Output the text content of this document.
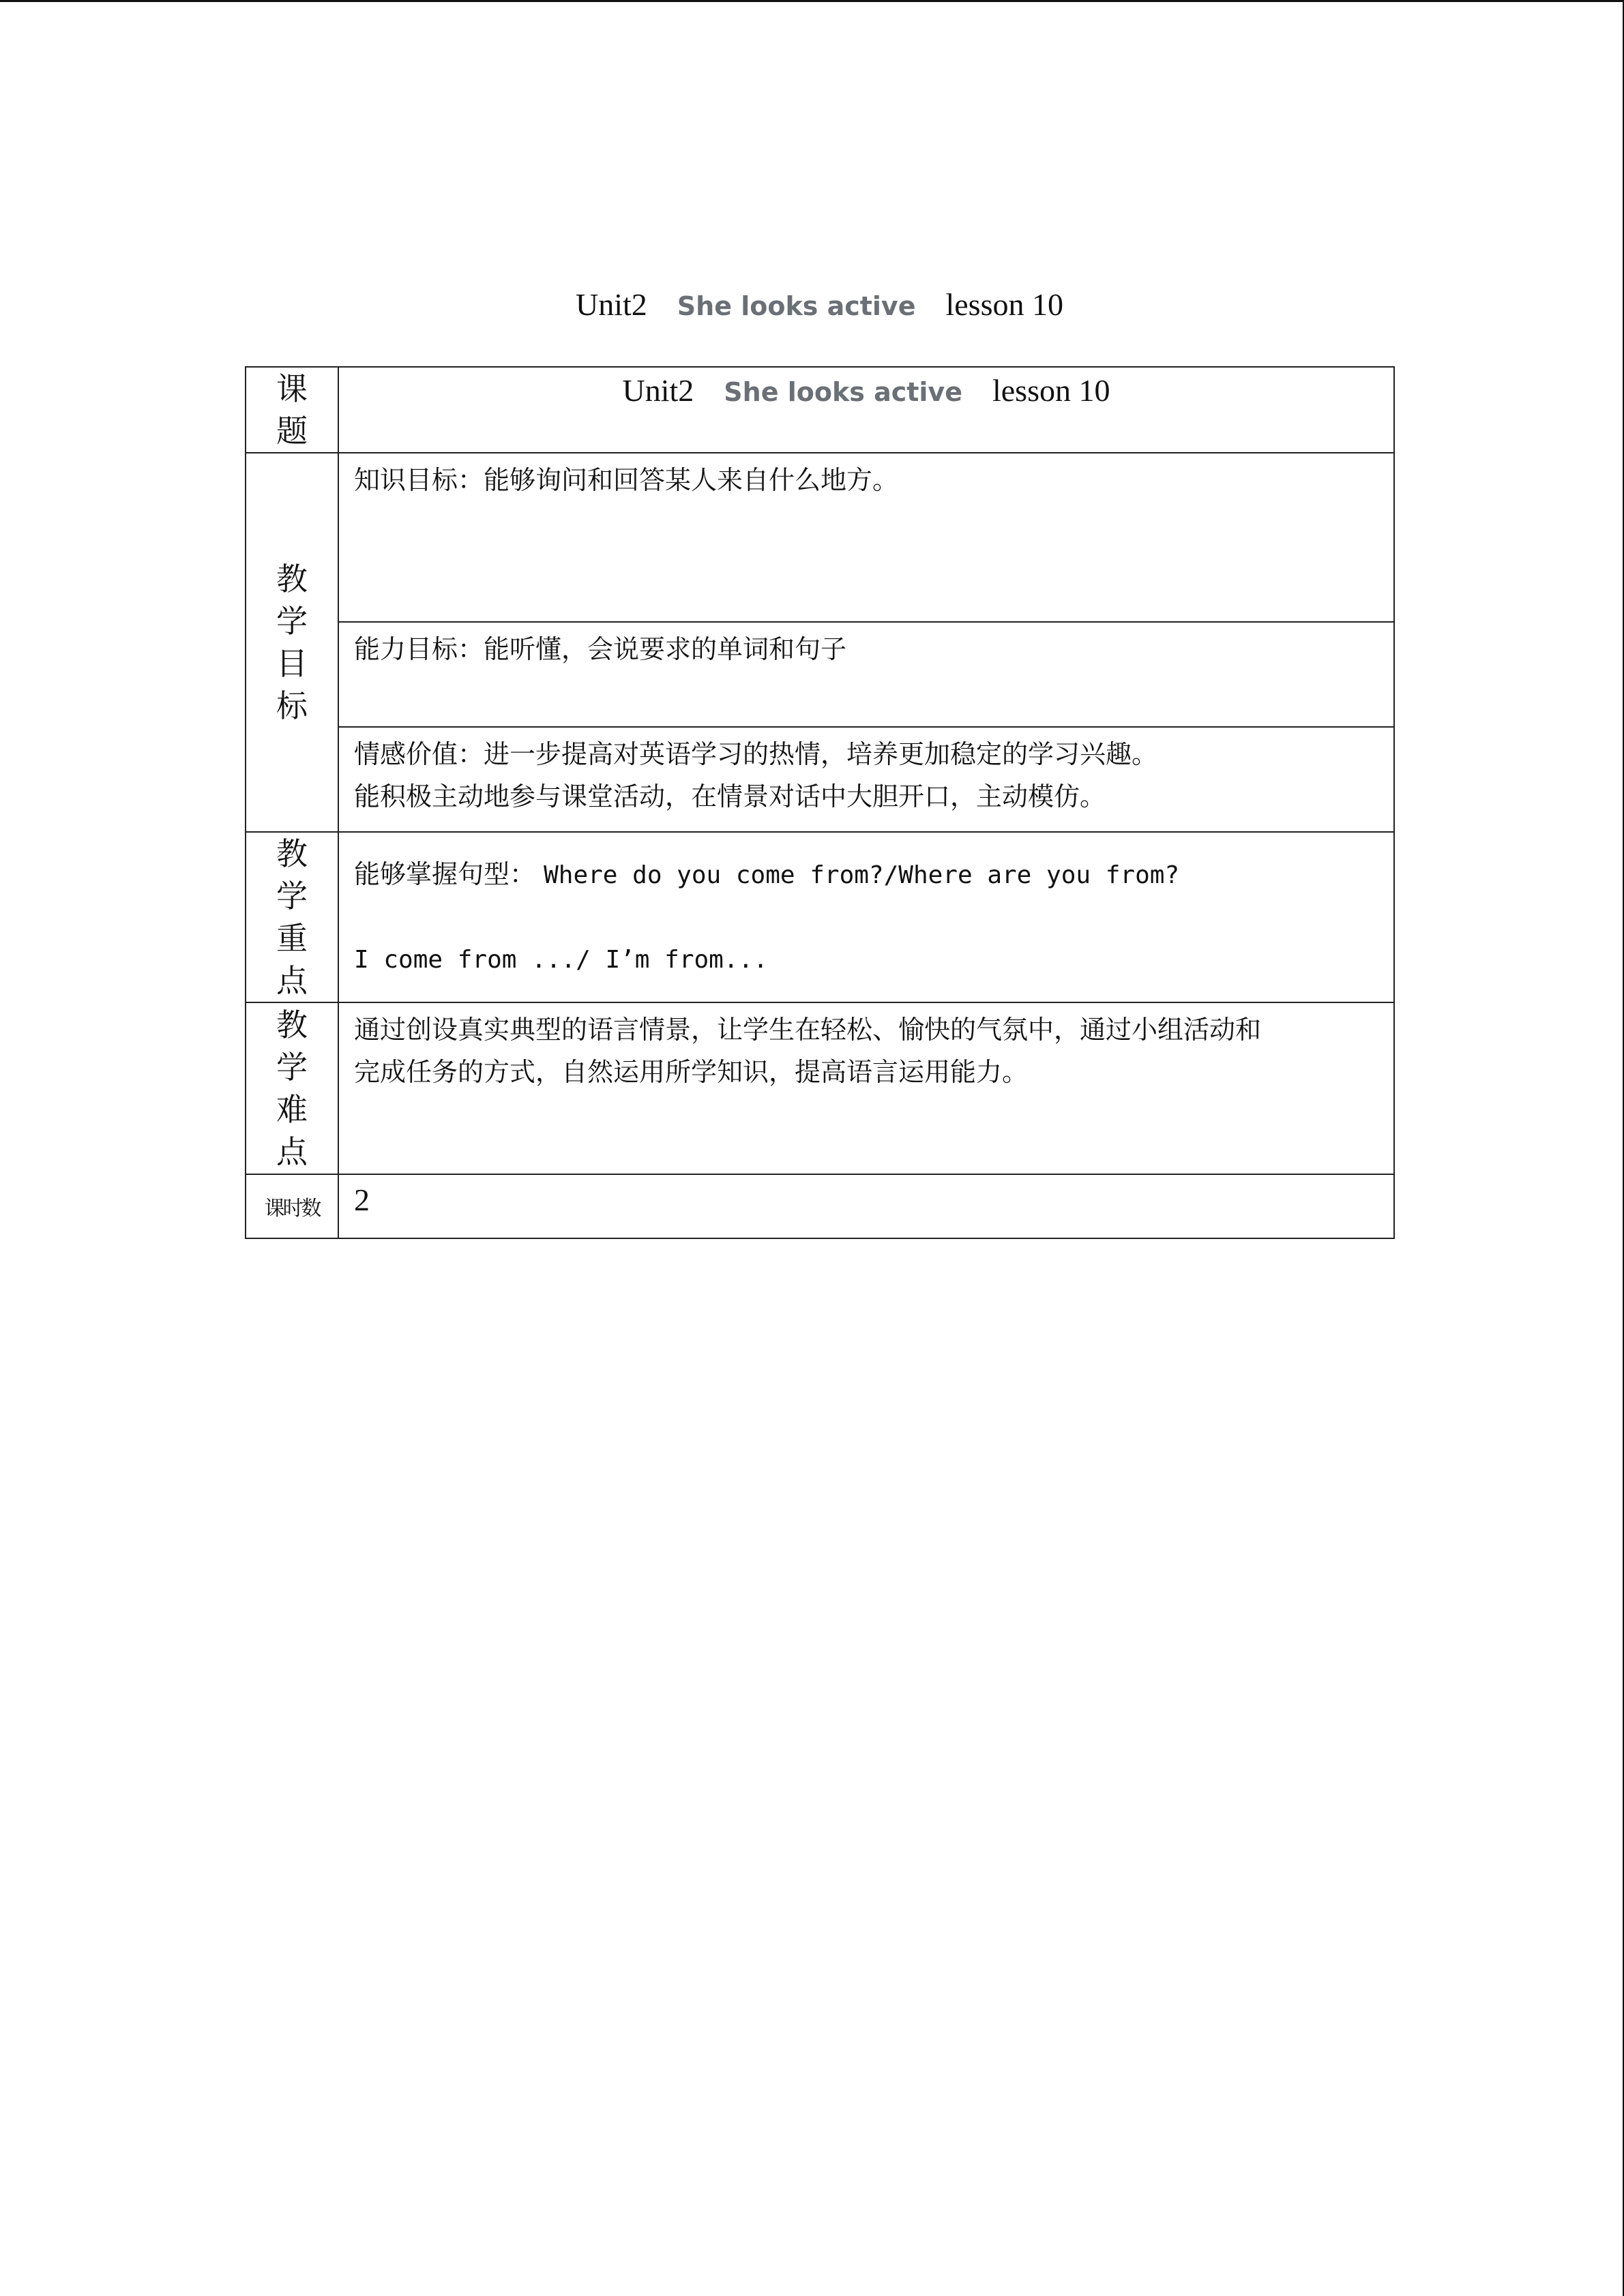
Unit2 She looks active lesson 10
课
题	Unit2 She looks active lesson 10

教
学
目
标	知识目标：能够询问和回答某人来自什么地方。

	能力目标：能听懂，会说要求的单词和句子

	情感价值：进一步提高对英语学习的热情，培养更加稳定的学习兴趣。
能积极主动地参与课堂活动，在情景对话中大胆开口，主动模仿。

教
学
重
点	能够掌握句型： Where do you come from?/Where are you from?
I come from .../ I’m from...

教
学
难
点	通过创设真实典型的语言情景，让学生在轻松、愉快的气氛中，通过小组活动和
完成任务的方式，自然运用所学知识，提高语言运用能力。

课时数	2
